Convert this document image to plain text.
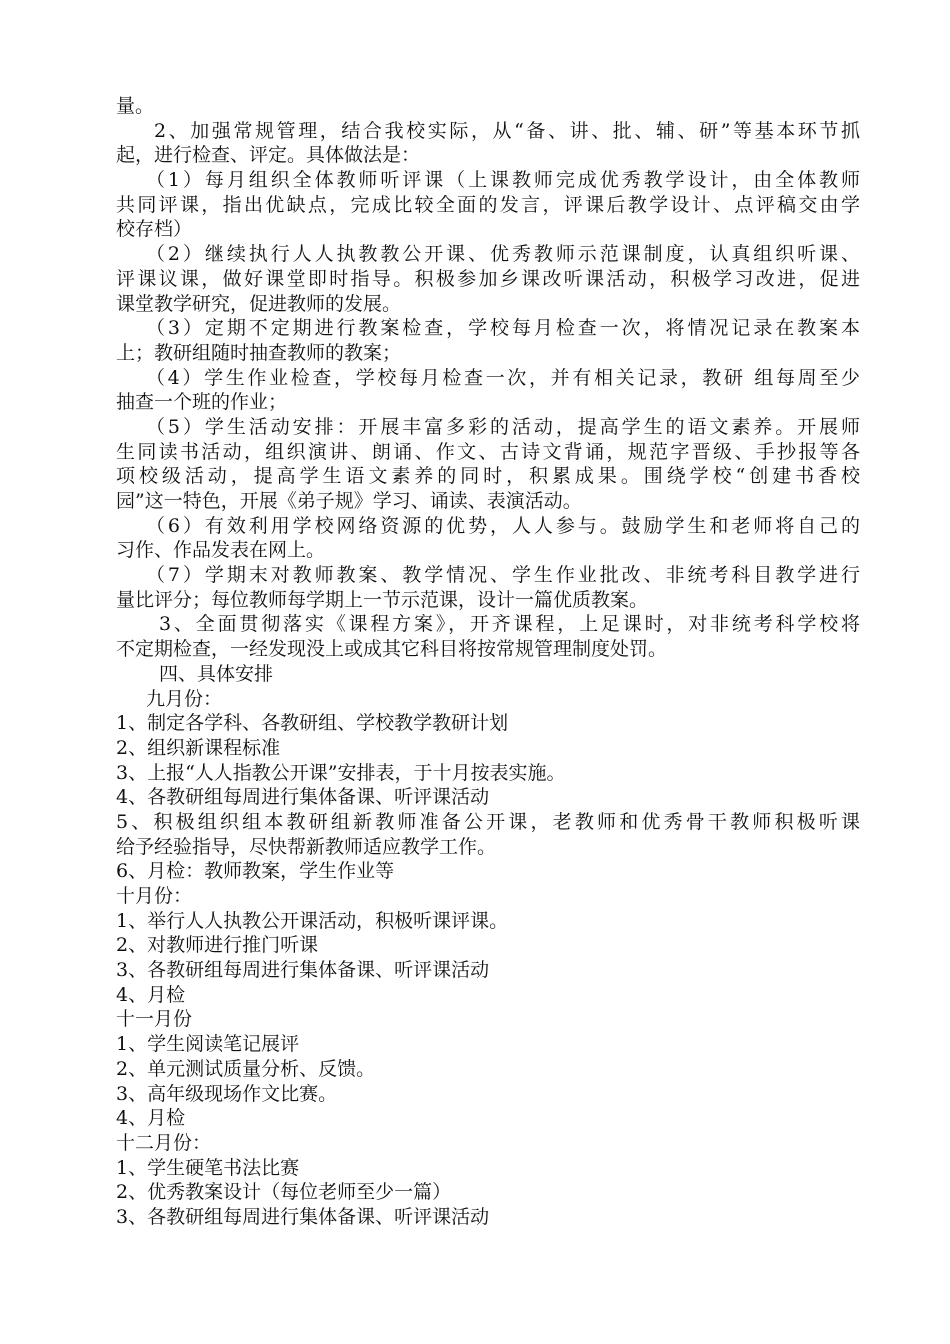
量。
2、加强常规管理，结合我校实际，从“备、讲、批、辅、研”等基本环节抓
起，进行检查、评定。具体做法是：
（1）每月组织全体教师听评课（上课教师完成优秀教学设计，由全体教师
共同评课，指出优缺点，完成比较全面的发言，评课后教学设计、点评稿交由学
校存档）
（2）继续执行人人执教教公开课、优秀教师示范课制度，认真组织听课、
评课议课，做好课堂即时指导。积极参加乡课改听课活动，积极学习改进，促进
课堂教学研究，促进教师的发展。
（3）定期不定期进行教案检查，学校每月检查一次，将情况记录在教案本
上；教研组随时抽查教师的教案；
（4）学生作业检查，学校每月检查一次，并有相关记录，教研 组每周至少
抽查一个班的作业；
（5）学生活动安排：开展丰富多彩的活动，提高学生的语文素养。开展师
生同读书活动，组织演讲、朗诵、作文、古诗文背诵，规范字晋级、手抄报等各
项校级活动，提高学生语文素养的同时，积累成果。围绕学校“创建书香校
园”这一特色，开展《弟子规》学习、诵读、表演活动。
（6）有效利用学校网络资源的优势，人人参与。鼓励学生和老师将自己的
习作、作品发表在网上。
（7）学期末对教师教案、教学情况、学生作业批改、非统考科目教学进行
量比评分；每位教师每学期上一节示范课，设计一篇优质教案。
3、全面贯彻落实《课程方案》，开齐课程，上足课时，对非统考科学校将
不定期检查，一经发现没上或成其它科目将按常规管理制度处罚。
四、具体安排
九月份：
1、制定各学科、各教研组、学校教学教研计划
2、组织新课程标准
3、上报“人人指教公开课”安排表，于十月按表实施。
4、各教研组每周进行集体备课、听评课活动
5、积极组织组本教研组新教师准备公开课，老教师和优秀骨干教师积极听课
给予经验指导，尽快帮新教师适应教学工作。
6、月检：教师教案，学生作业等
十月份：
1、举行人人执教公开课活动，积极听课评课。
2、对教师进行推门听课
3、各教研组每周进行集体备课、听评课活动
4、月检
十一月份
1、学生阅读笔记展评
2、单元测试质量分析、反馈。
3、高年级现场作文比赛。
4、月检
十二月份：
1、学生硬笔书法比赛
2、优秀教案设计（每位老师至少一篇）
3、各教研组每周进行集体备课、听评课活动
